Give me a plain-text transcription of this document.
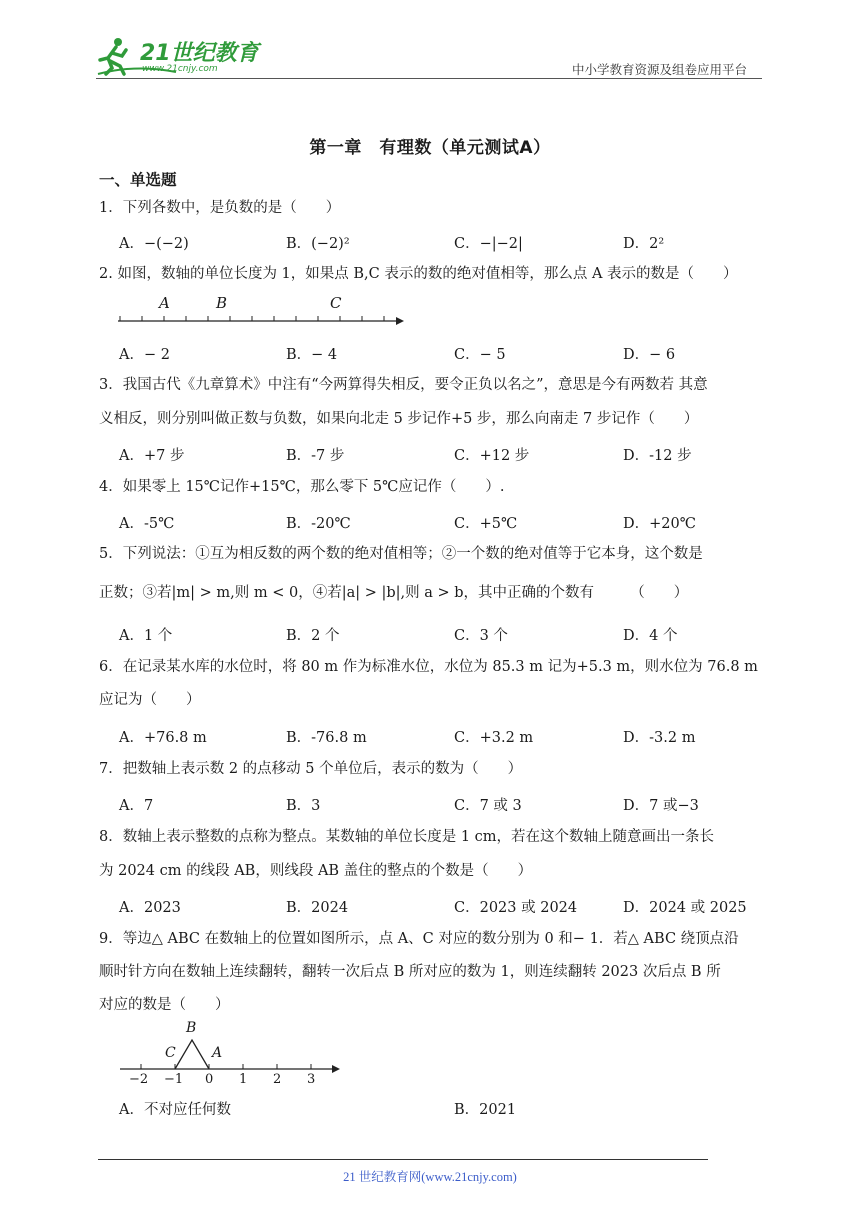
21世纪教育
www.21cnjy.com	中小学教育资源及组卷应用平台
第一章　有理数（单元测试A）
一、单选题
1．下列各数中，是负数的是（　　）
A．−(−2)	B．(−2)²	C．−|−2|	D．2²
2. 如图，数轴的单位长度为 1，如果点 B,C 表示的数的绝对值相等，那么点 A 表示的数是（　　）
A	B	C
A．− 2	B．− 4	C．− 5	D．− 6
3．我国古代《九章算术》中注有“今两算得失相反，要令正负以名之”，意思是今有两数若 其意
义相反，则分别叫做正数与负数，如果向北走 5 步记作+5 步，那么向南走 7 步记作（　　）
A．+7 步	B．-7 步	C．+12 步	D．-12 步
4．如果零上 15℃记作+15℃，那么零下 5℃应记作（　　）.
A．-5℃	B．-20℃	C．+5℃	D．+20℃
5．下列说法：①互为相反数的两个数的绝对值相等；②一个数的绝对值等于它本身，这个数是
正数；③若|m| > m,则 m < 0，④若|a| > |b|,则 a > b，其中正确的个数有　　　（　　）
A．1 个	B．2 个	C．3 个	D．4 个
6．在记录某水库的水位时，将 80 m 作为标准水位，水位为 85.3 m 记为+5.3 m，则水位为 76.8 m
应记为（　　）
A．+76.8 m	B．-76.8 m	C．+3.2 m	D．-3.2 m
7．把数轴上表示数 2 的点移动 5 个单位后，表示的数为（　　）
A．7	B．3	C．7 或 3	D．7 或−3
8．数轴上表示整数的点称为整点。某数轴的单位长度是 1 cm，若在这个数轴上随意画出一条长
为 2024 cm 的线段 AB，则线段 AB 盖住的整点的个数是（　　）
A．2023	B．2024	C．2023 或 2024	D．2024 或 2025
9．等边△ ABC 在数轴上的位置如图所示，点 A、C 对应的数分别为 0 和− 1．若△ ABC 绕顶点沿
顺时针方向在数轴上连续翻转，翻转一次后点 B 所对应的数为 1，则连续翻转 2023 次后点 B 所
对应的数是（　　）
B
C	A
−2 −1 0 1 2 3
A．不对应任何数	B．2021
21 世纪教育网(www.21cnjy.com)
